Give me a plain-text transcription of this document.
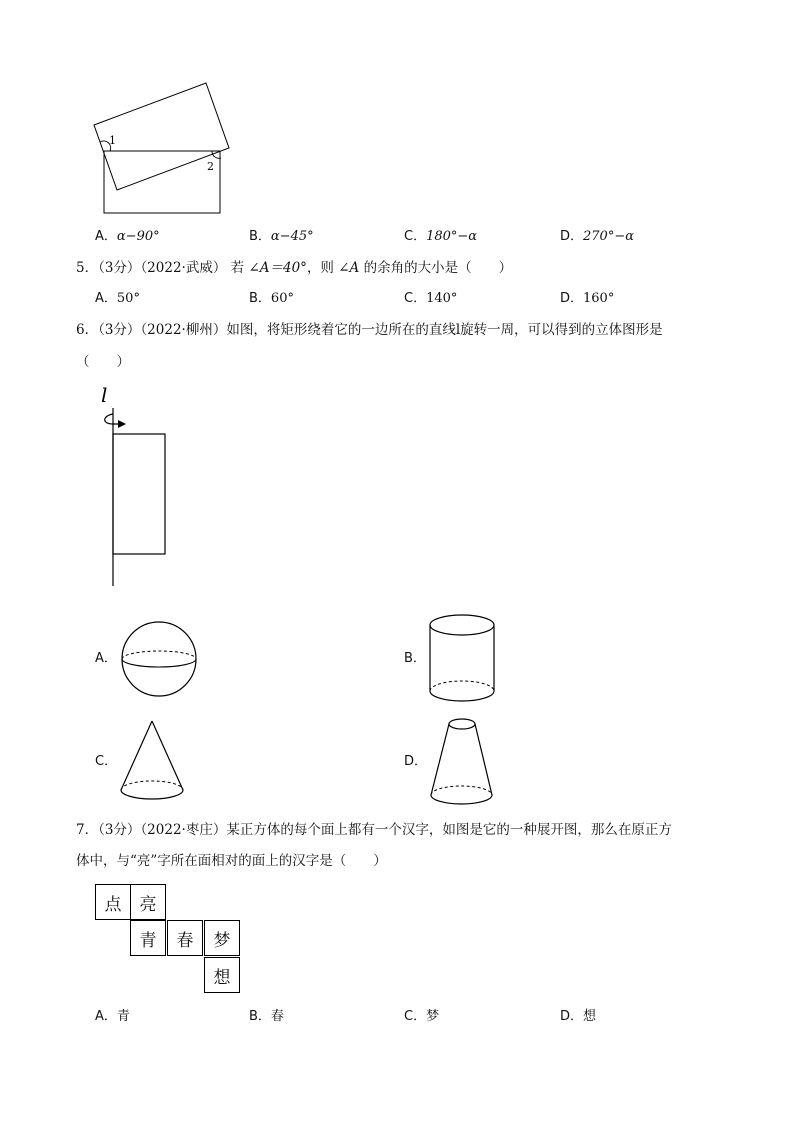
1
2
A．α−90°	B．α−45°	C．180°−α	D．270°−α
5．（3分）（2022·武威） 若 ∠A＝40°，则 ∠A 的余角的大小是（　　）
A．50°	B．60°	C．140°	D．160°
6．（3分）（2022·柳州）如图，将矩形绕着它的一边所在的直线l旋转一周，可以得到的立体图形是
（　　）
l
A．	B．
C．	D．
7．（3分）（2022·枣庄）某正方体的每个面上都有一个汉字，如图是它的一种展开图，那么在原正方
体中，与“亮”字所在面相对的面上的汉字是（　　）
点	亮
青	春	梦
想
A．青	B．春	C．梦	D．想
